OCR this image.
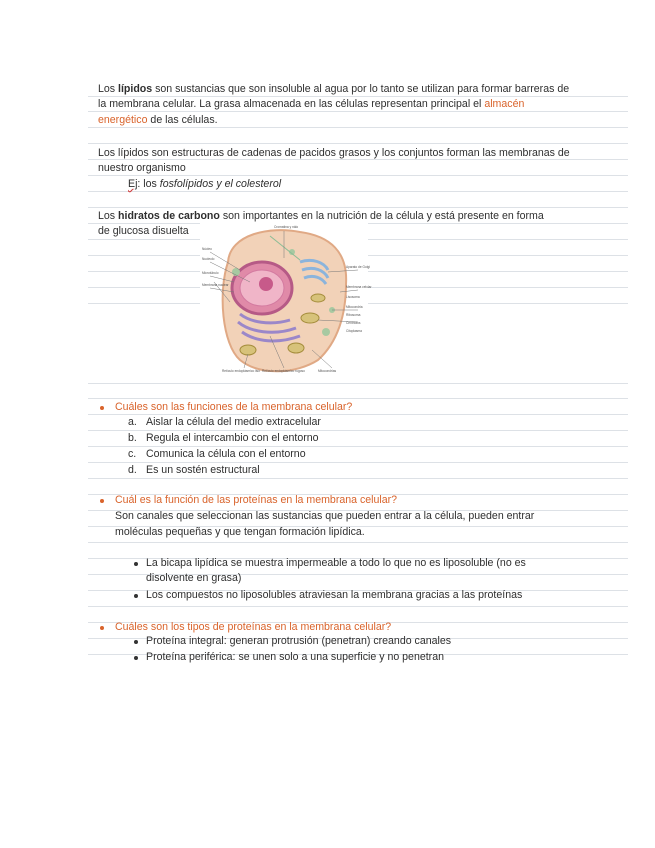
Los lípidos son sustancias que son insoluble al agua por lo tanto se utilizan para formar barreras de
la membrana celular. La grasa almacenada en las células representan principal el almacén
energético de las células.
Los lípidos son estructuras de cadenas de pacidos grasos y los conjuntos forman las membranas de
nuestro organismo
Ej: los fosfolípidos y el colesterol
Los hidratos de carbono son importantes en la nutrición de la célula y está presente en forma
de glucosa disuelta	Cromatina y nálo
Núcleo
Nucleolo
Microtúbulo
Membrana nuclear
Aparato de Golgi
Membrana celular
Lisosoma
Mitocondria
Ribosoma
Centríolos
Citoplasma
Retículo endoplásmico liso Retículo endoplásmico rugoso	Mitocondrias
Cuáles son las funciones de la membrana celular?
a. Aislar la célula del medio extracelular
b. Regula el intercambio con el entorno
c. Comunica la célula con el entorno
d. Es un sostén estructural
Cuál es la función de las proteínas en la membrana celular?
Son canales que seleccionan las sustancias que pueden entrar a la célula, pueden entrar
moléculas pequeñas y que tengan formación lipídica.
La bicapa lipídica se muestra impermeable a todo lo que no es liposoluble (no es
disolvente en grasa)
Los compuestos no liposolubles atraviesan la membrana gracias a las proteínas
Cuáles son los tipos de proteínas en la membrana celular?
Proteína integral: generan protrusión (penetran) creando canales
Proteína periférica: se unen solo a una superficie y no penetran
